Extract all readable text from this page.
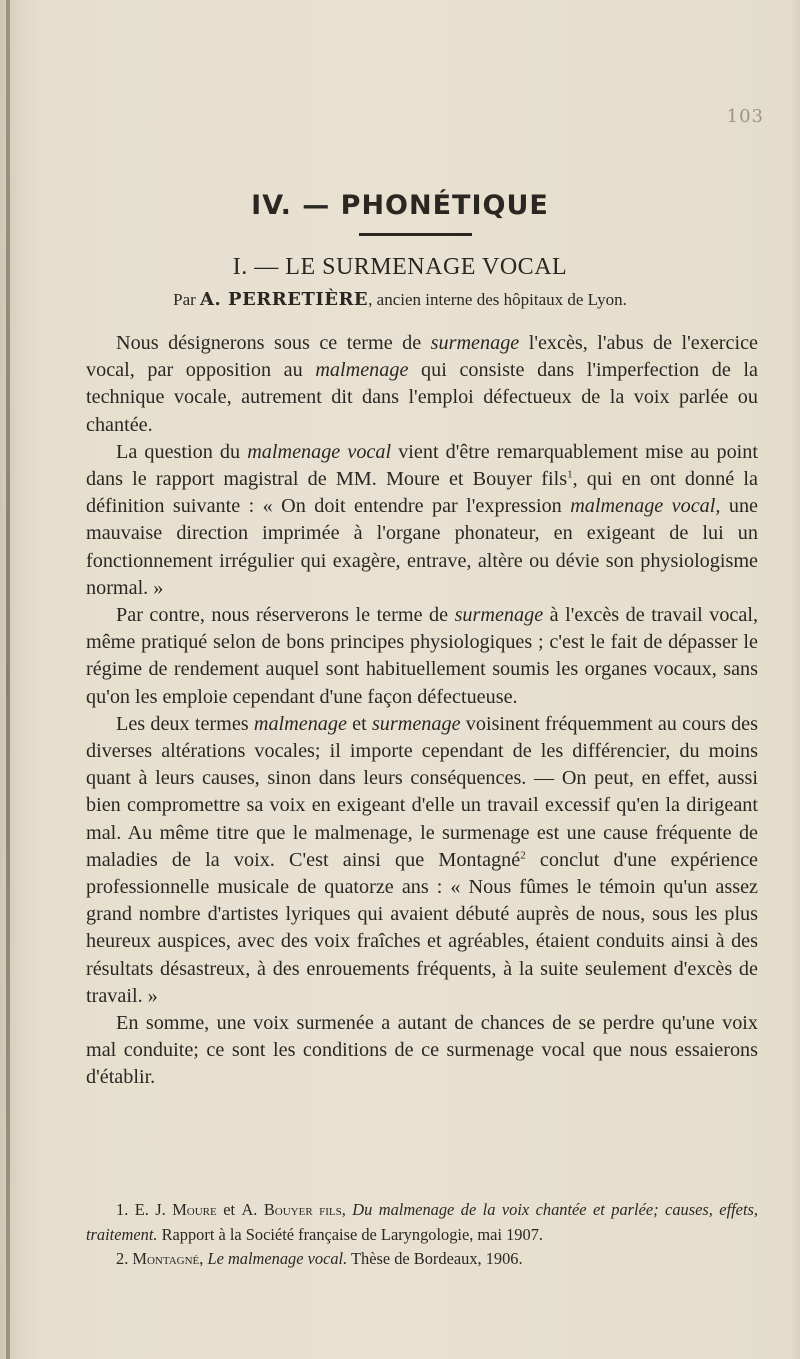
103
IV. — PHONÉTIQUE
I. — LE SURMENAGE VOCAL
Par A. PERRETIÈRE, ancien interne des hôpitaux de Lyon.

Nous désignerons sous ce terme de surmenage l'excès, l'abus de l'exercice vocal, par opposition au malmenage qui consiste dans l'imperfection de la technique vocale, autrement dit dans l'emploi défectueux de la voix parlée ou chantée.

La question du malmenage vocal vient d'être remarquablement mise au point dans le rapport magistral de MM. Moure et Bouyer fils$^1$, qui en ont donné la définition suivante : « On doit entendre par l'expression malmenage vocal, une mauvaise direction imprimée à l'organe phonateur, en exigeant de lui un fonctionnement irrégulier qui exagère, entrave, altère ou dévie son physiologisme normal. »

Par contre, nous réserverons le terme de surmenage à l'excès de travail vocal, même pratiqué selon de bons principes physiologiques ; c'est le fait de dépasser le régime de rendement auquel sont habituellement soumis les organes vocaux, sans qu'on les emploie cependant d'une façon défectueuse.

Les deux termes malmenage et surmenage voisinent fréquemment au cours des diverses altérations vocales; il importe cependant de les différencier, du moins quant à leurs causes, sinon dans leurs conséquences. — On peut, en effet, aussi bien compromettre sa voix en exigeant d'elle un travail excessif qu'en la dirigeant mal. Au même titre que le malmenage, le surmenage est une cause fréquente de maladies de la voix. C'est ainsi que Montagné$^2$ conclut d'une expérience professionnelle musicale de quatorze ans : « Nous fûmes le témoin qu'un assez grand nombre d'artistes lyriques qui avaient débuté auprès de nous, sous les plus heureux auspices, avec des voix fraîches et agréables, étaient conduits ainsi à des résultats désastreux, à des enrouements fréquents, à la suite seulement d'excès de travail. »

En somme, une voix surmenée a autant de chances de se perdre qu'une voix mal conduite; ce sont les conditions de ce surmenage vocal que nous essaierons d'établir.

1. E. J. Moure et A. Bouyer fils, Du malmenage de la voix chantée et parlée; causes, effets, traitement. Rapport à la Société française de Laryngologie, mai 1907.

2. Montagné, Le malmenage vocal. Thèse de Bordeaux, 1906.
